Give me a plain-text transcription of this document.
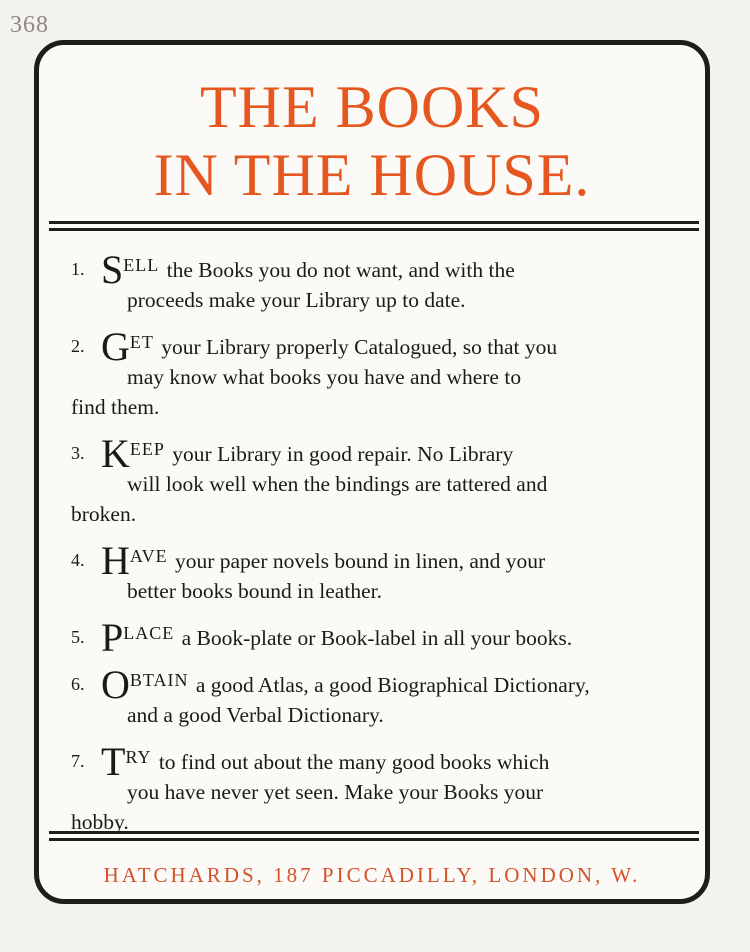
368
THE BOOKS
IN THE HOUSE.
1. $S^{ELL}$ the Books you do not want, and with the
proceeds make your Library up to date.
2. $G^{ET}$ your Library properly Catalogued, so that you
may know what books you have and where to
find them.
3. $K^{EEP}$ your Library in good repair. No Library
will look well when the bindings are tattered and
broken.
4. $H^{AVE}$ your paper novels bound in linen, and your
better books bound in leather.
5. $P^{LACE}$ a Book-plate or Book-label in all your books.
6. $O^{BTAIN}$ a good Atlas, a good Biographical Dictionary,
and a good Verbal Dictionary.
7. $T^{RY}$ to find out about the many good books which
you have never yet seen. Make your Books your
hobby.
HATCHARDS, 187 PICCADILLY, LONDON, W.
